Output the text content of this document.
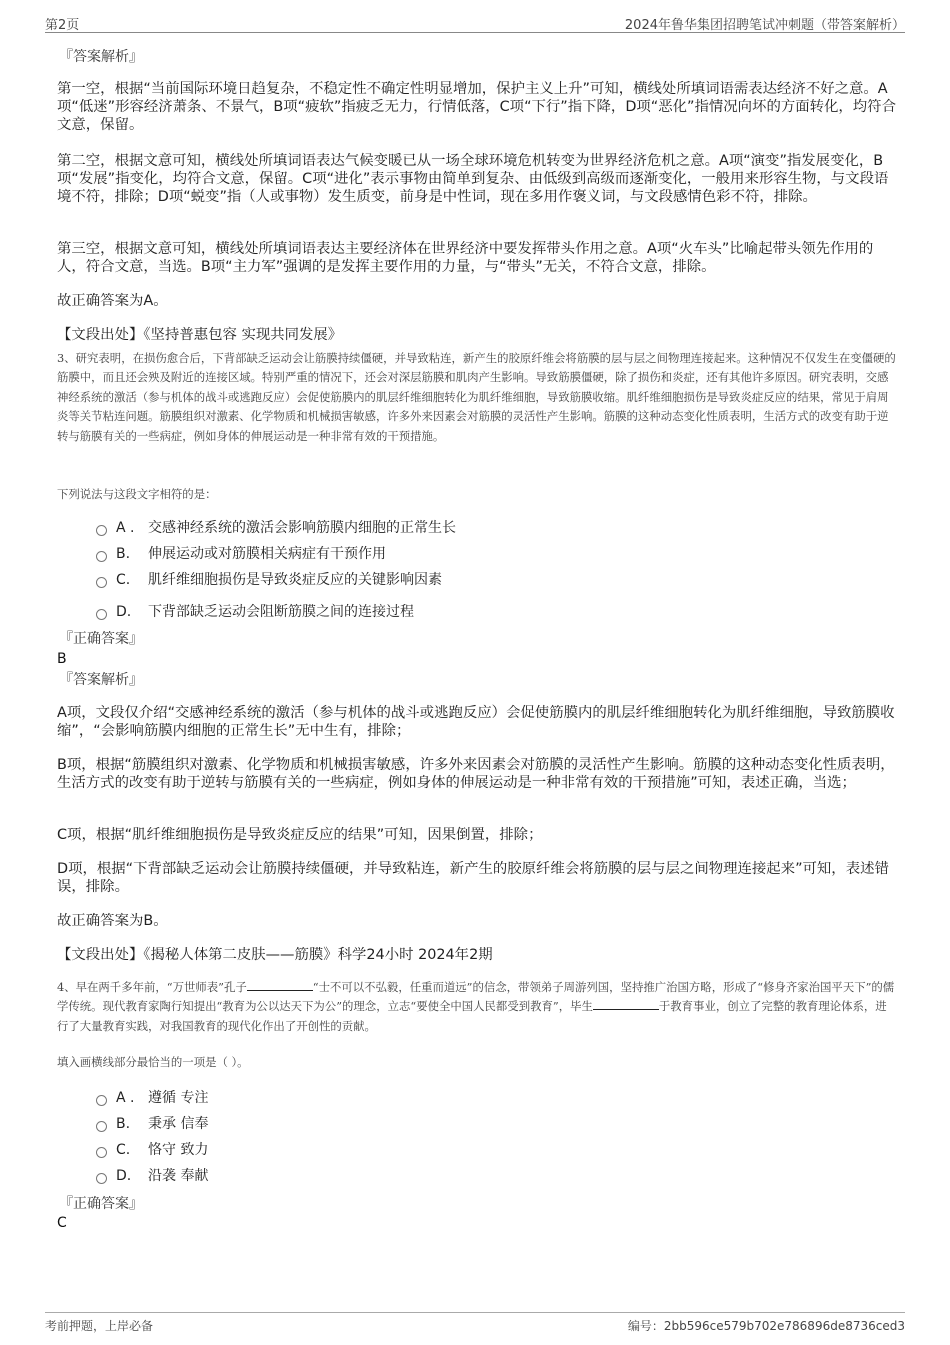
第2页	2024年鲁华集团招聘笔试冲刺题（带答案解析）
『答案解析』

第一空，根据“当前国际环境日趋复杂，不稳定性不确定性明显增加，保护主义上升”可知，横线处所填词语需表达经济不好之意。A项“低迷”形容经济萧条、不景气，B项“疲软”指疲乏无力，行情低落，C项“下行”指下降，D项“恶化”指情况向坏的方面转化，均符合文意，保留。

第二空，根据文意可知，横线处所填词语表达气候变暖已从一场全球环境危机转变为世界经济危机之意。A项“演变”指发展变化，B项“发展”指变化，均符合文意，保留。C项“进化”表示事物由简单到复杂、由低级到高级而逐渐变化，一般用来形容生物，与文段语境不符，排除；D项“蜕变”指（人或事物）发生质变，前身是中性词，现在多用作褒义词，与文段感情色彩不符，排除。

第三空，根据文意可知，横线处所填词语表达主要经济体在世界经济中要发挥带头作用之意。A项“火车头”比喻起带头领先作用的人，符合文意，当选。B项“主力军”强调的是发挥主要作用的力量，与“带头”无关，不符合文意，排除。

故正确答案为A。

【文段出处】《坚持普惠包容 实现共同发展》

3、研究表明，在损伤愈合后，下背部缺乏运动会让筋膜持续僵硬，并导致粘连，新产生的胶原纤维会将筋膜的层与层之间物理连接起来。这种情况不仅发生在变僵硬的筋膜中，而且还会殃及附近的连接区域。特别严重的情况下，还会对深层筋膜和肌肉产生影响。导致筋膜僵硬，除了损伤和炎症，还有其他许多原因。研究表明，交感神经系统的激活（参与机体的战斗或逃跑反应）会促使筋膜内的肌层纤维细胞转化为肌纤维细胞，导致筋膜收缩。肌纤维细胞损伤是导致炎症反应的结果，常见于肩周炎等关节粘连问题。筋膜组织对激素、化学物质和机械损害敏感，许多外来因素会对筋膜的灵活性产生影响。筋膜的这种动态变化性质表明，生活方式的改变有助于逆转与筋膜有关的一些病症，例如身体的伸展运动是一种非常有效的干预措施。

下列说法与这段文字相符的是：

A . 交感神经系统的激活会影响筋膜内细胞的正常生长
B.	伸展运动或对筋膜相关病症有干预作用
C.	肌纤维细胞损伤是导致炎症反应的关键影响因素
D.	下背部缺乏运动会阻断筋膜之间的连接过程
『正确答案』
B
『答案解析』

A项，文段仅介绍“交感神经系统的激活（参与机体的战斗或逃跑反应）会促使筋膜内的肌层纤维细胞转化为肌纤维细胞，导致筋膜收缩”，“会影响筋膜内细胞的正常生长”无中生有，排除；

B项，根据“筋膜组织对激素、化学物质和机械损害敏感，许多外来因素会对筋膜的灵活性产生影响。筋膜的这种动态变化性质表明，生活方式的改变有助于逆转与筋膜有关的一些病症，例如身体的伸展运动是一种非常有效的干预措施”可知，表述正确，当选；

C项，根据“肌纤维细胞损伤是导致炎症反应的结果”可知，因果倒置，排除；

D项，根据“下背部缺乏运动会让筋膜持续僵硬，并导致粘连，新产生的胶原纤维会将筋膜的层与层之间物理连接起来”可知，表述错误，排除。

故正确答案为B。

【文段出处】《揭秘人体第二皮肤——筋膜》科学24小时 2024年2期

4、早在两千多年前，“万世师表”孔子	“士不可以不弘毅，任重而道远”的信念，带领弟子周游列国，坚持推广治国方略，形成了“修身齐家治国平天下”的儒学传统。现代教育家陶行知提出“教育为公以达天下为公”的理念，立志“要使全中国人民都受到教育”，毕生	于教育事业，创立了完整的教育理论体系，进行了大量教育实践，对我国教育的现代化作出了开创性的贡献。

填入画横线部分最恰当的一项是（ ）。

A . 遵循 专注
B.	秉承 信奉
C.	恪守 致力
D.	沿袭 奉献
『正确答案』
C
考前押题，上岸必备	编号：2bb596ce579b702e786896de8736ced3
